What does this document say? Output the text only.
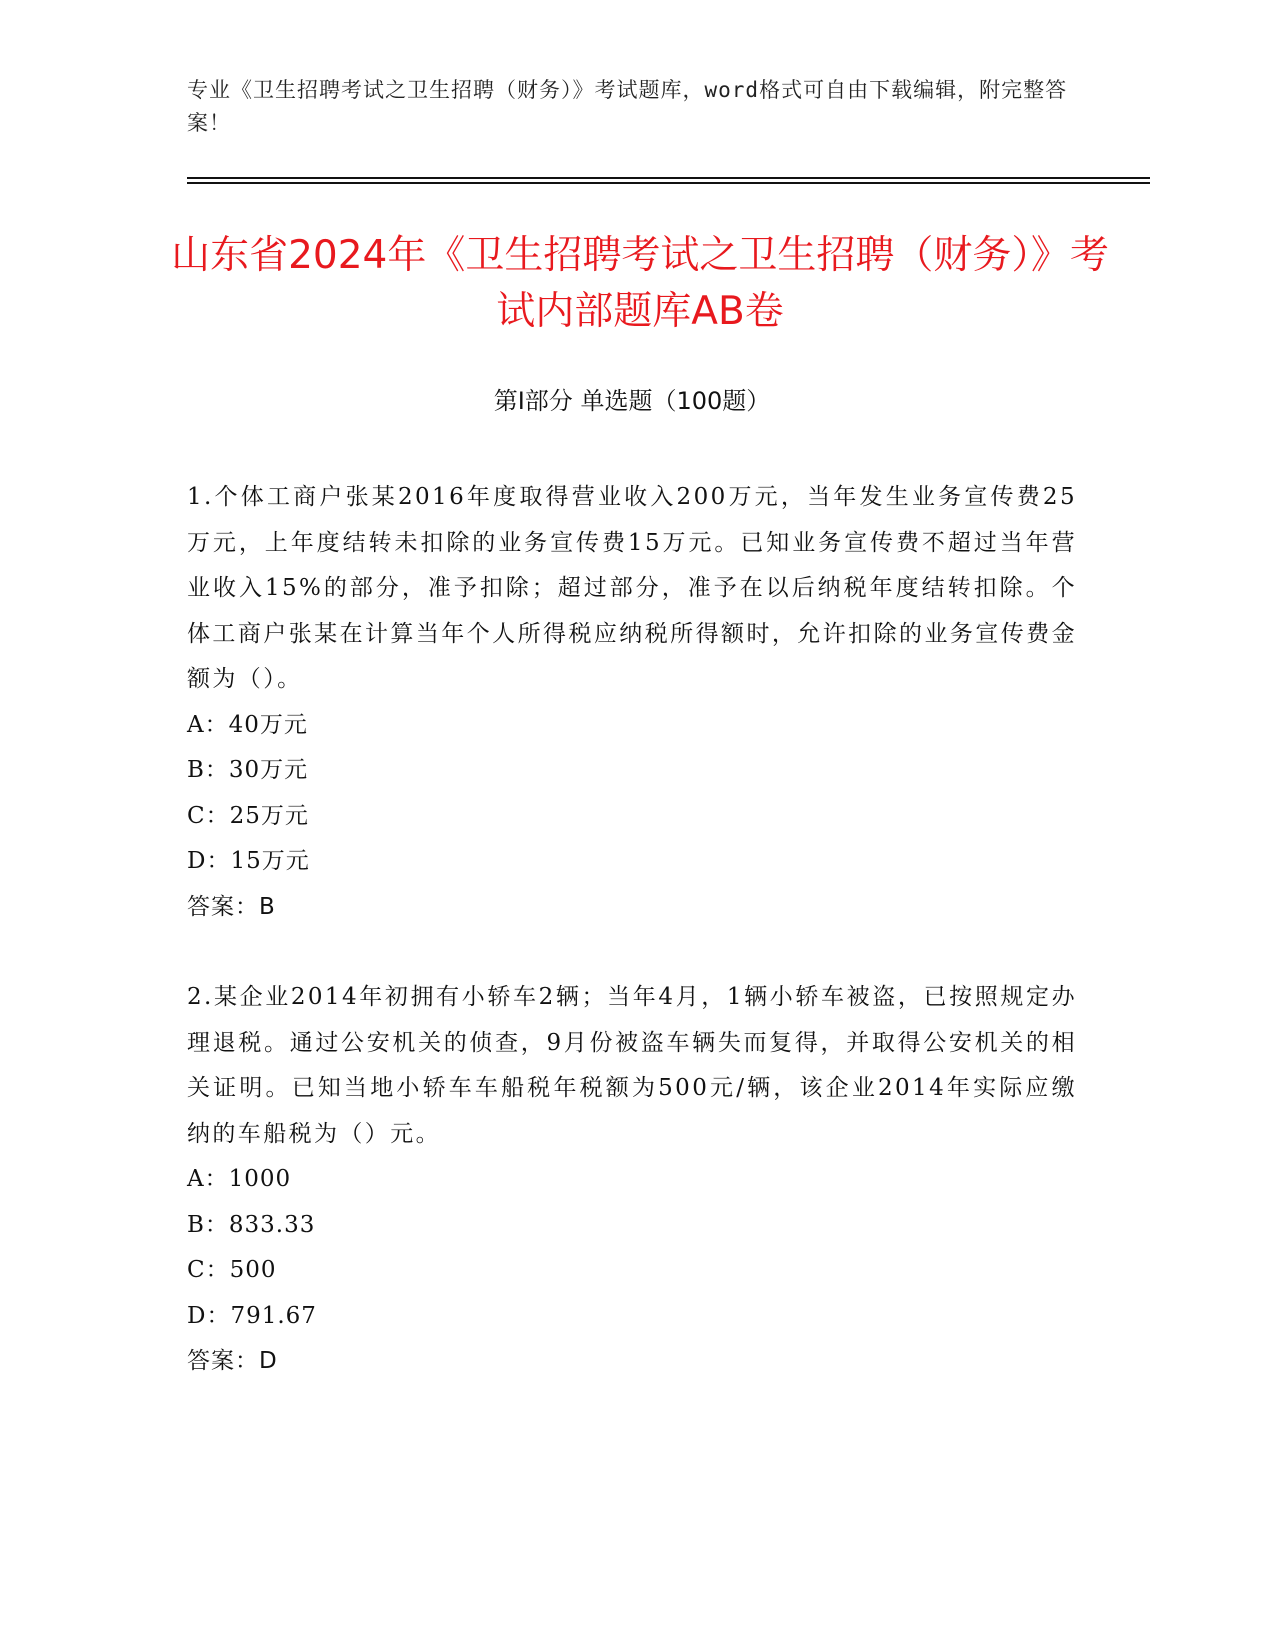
专业《卫生招聘考试之卫生招聘（财务）》考试题库，word格式可自由下载编辑，附完整答案！
山东省2024年《卫生招聘考试之卫生招聘（财务）》考试内部题库AB卷
第I部分 单选题（100题）

1.个体工商户张某2016年度取得营业收入200万元，当年发生业务宣传费25万元，上年度结转未扣除的业务宣传费15万元。已知业务宣传费不超过当年营业收入15%的部分，准予扣除；超过部分，准予在以后纳税年度结转扣除。个体工商户张某在计算当年个人所得税应纳税所得额时，允许扣除的业务宣传费金额为（）。

A：40万元
B：30万元
C：25万元
D：15万元

答案：B

2.某企业2014年初拥有小轿车2辆；当年4月，1辆小轿车被盗，已按照规定办理退税。通过公安机关的侦查，9月份被盗车辆失而复得，并取得公安机关的相关证明。已知当地小轿车车船税年税额为500元/辆，该企业2014年实际应缴纳的车船税为（）元。

A：1000
B：833.33
C：500
D：791.67

答案：D
